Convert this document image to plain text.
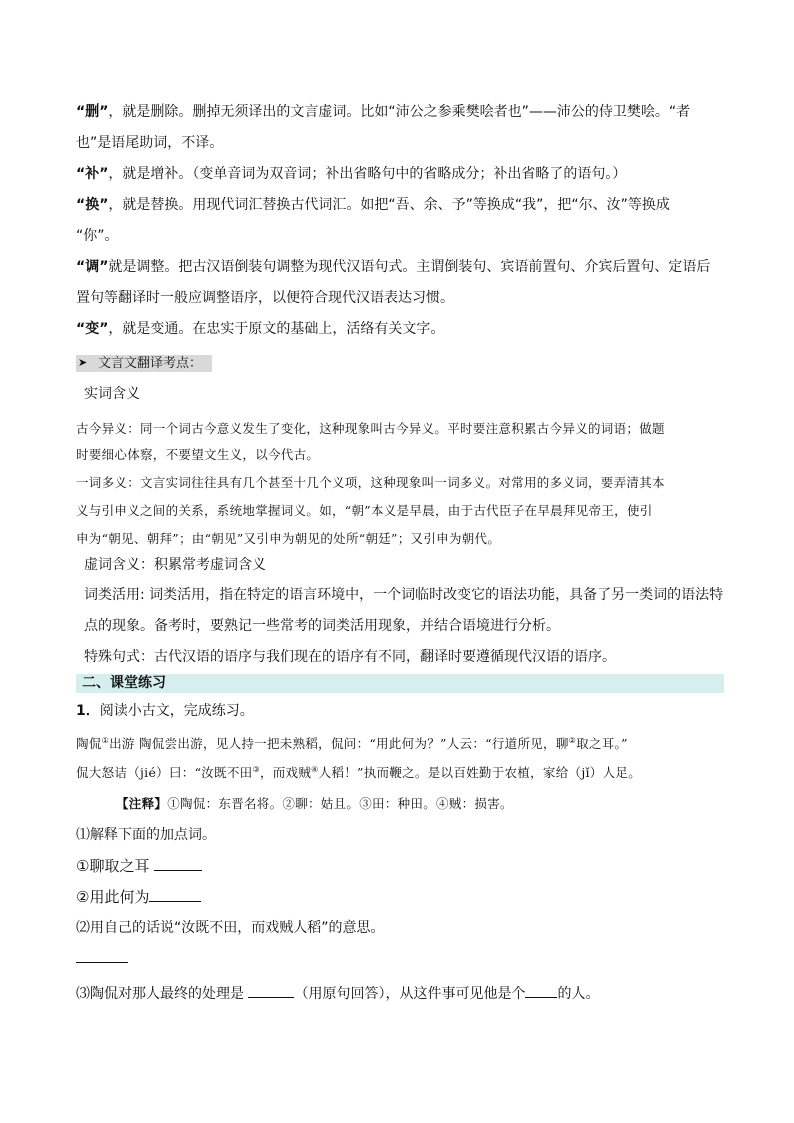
“删”，就是删除。删掉无须译出的文言虚词。比如“沛公之参乘樊哙者也”——沛公的侍卫樊哙。“者
也”是语尾助词，不译。
“补”，就是增补。（变单音词为双音词；补出省略句中的省略成分；补出省略了的语句。）
“换”，就是替换。用现代词汇替换古代词汇。如把“吾、余、予”等换成“我”，把“尔、汝”等换成
“你”。
“调”就是调整。把古汉语倒装句调整为现代汉语句式。主谓倒装句、宾语前置句、介宾后置句、定语后
置句等翻译时一般应调整语序，以便符合现代汉语表达习惯。
“变”，就是变通。在忠实于原文的基础上，活络有关文字。
➤ 文言文翻译考点：
实词含义
古今异义：同一个词古今意义发生了变化，这种现象叫古今异义。平时要注意积累古今异义的词语；做题
时要细心体察，不要望文生义，以今代古。
一词多义：文言实词往往具有几个甚至十几个义项，这种现象叫一词多义。对常用的多义词，要弄清其本
义与引申义之间的关系，系统地掌握词义。如，“朝”本义是早晨，由于古代臣子在早晨拜见帝王，使引
申为“朝见、朝拜”；由“朝见”又引申为朝见的处所“朝廷”；又引申为朝代。
虚词含义：积累常考虚词含义
词类活用: 词类活用，指在特定的语言环境中，一个词临时改变它的语法功能，具备了另一类词的语法特
点的现象。备考时，要熟记一些常考的词类活用现象，并结合语境进行分析。
特殊句式：古代汉语的语序与我们现在的语序有不同，翻译时要遵循现代汉语的语序。
二、课堂练习
1．阅读小古文，完成练习。
陶侃①出游 陶侃尝出游，见人持一把未熟稻，侃问：“用此何为？”人云：“行道所见，聊②取之耳。”
侃大怒诘（jié）曰：“汝既不田③，而戏贼④人稻！”执而鞭之。是以百姓勤于农植，家给（jǐ）人足。
【注释】①陶侃：东晋名将。②聊：姑且。③田：种田。④贼：损害。
⑴解释下面的加点词。
①聊取之耳
②用此何为
⑵用自己的话说“汝既不田，而戏贼人稻”的意思。
⑶陶侃对那人最终的处理是	（用原句回答），从这件事可见他是个 的人。
